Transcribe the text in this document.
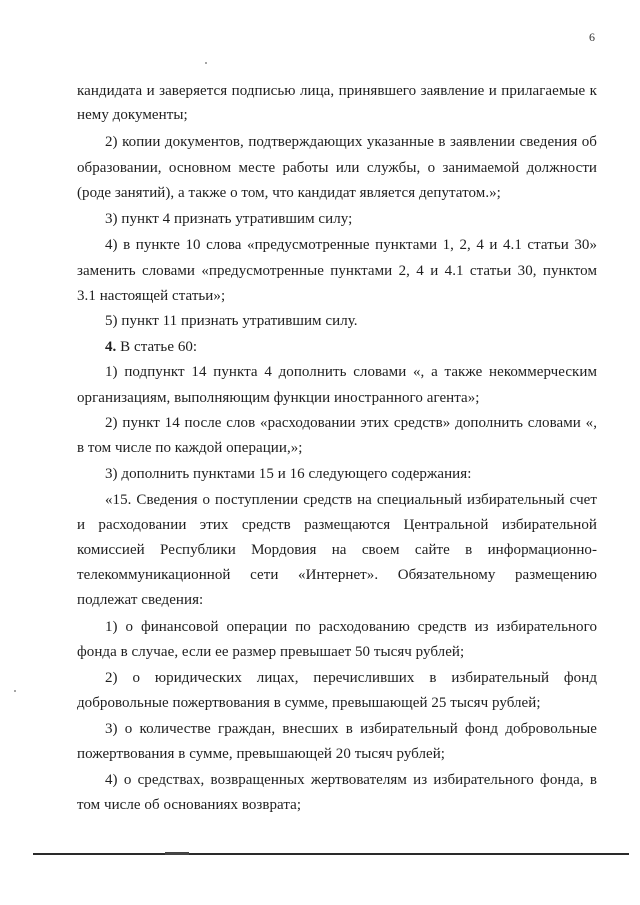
6
кандидата и заверяется подписью лица, принявшего заявление и прилагаемые к
нему документы;
2) копии документов, подтверждающих указанные в заявлении сведения об
образовании, основном месте работы или службы, о занимаемой должности
(роде занятий), а также о том, что кандидат является депутатом.»;
3) пункт 4 признать утратившим силу;
4) в пункте 10 слова «предусмотренные пунктами 1, 2, 4 и 4.1 статьи 30»
заменить словами «предусмотренные пунктами 2, 4 и 4.1 статьи 30, пунктом
3.1 настоящей статьи»;
5) пункт 11 признать утратившим силу.
4. В статье 60:
1) подпункт 14 пункта 4 дополнить словами «, а также некоммерческим
организациям, выполняющим функции иностранного агента»;
2) пункт 14 после слов «расходовании этих средств» дополнить словами «,
в том числе по каждой операции,»;
3) дополнить пунктами 15 и 16 следующего содержания:
«15. Сведения о поступлении средств на специальный избирательный счет
и расходовании этих средств размещаются Центральной избирательной
комиссией Республики Мордовия на своем сайте в информационно-
телекоммуникационной сети «Интернет». Обязательному размещению
подлежат сведения:
1) о финансовой операции по расходованию средств из избирательного
фонда в случае, если ее размер превышает 50 тысяч рублей;
2) о юридических лицах, перечисливших в избирательный фонд
добровольные пожертвования в сумме, превышающей 25 тысяч рублей;
3) о количестве граждан, внесших в избирательный фонд добровольные
пожертвования в сумме, превышающей 20 тысяч рублей;
4) о средствах, возвращенных жертвователям из избирательного фонда, в
том числе об основаниях возврата;
